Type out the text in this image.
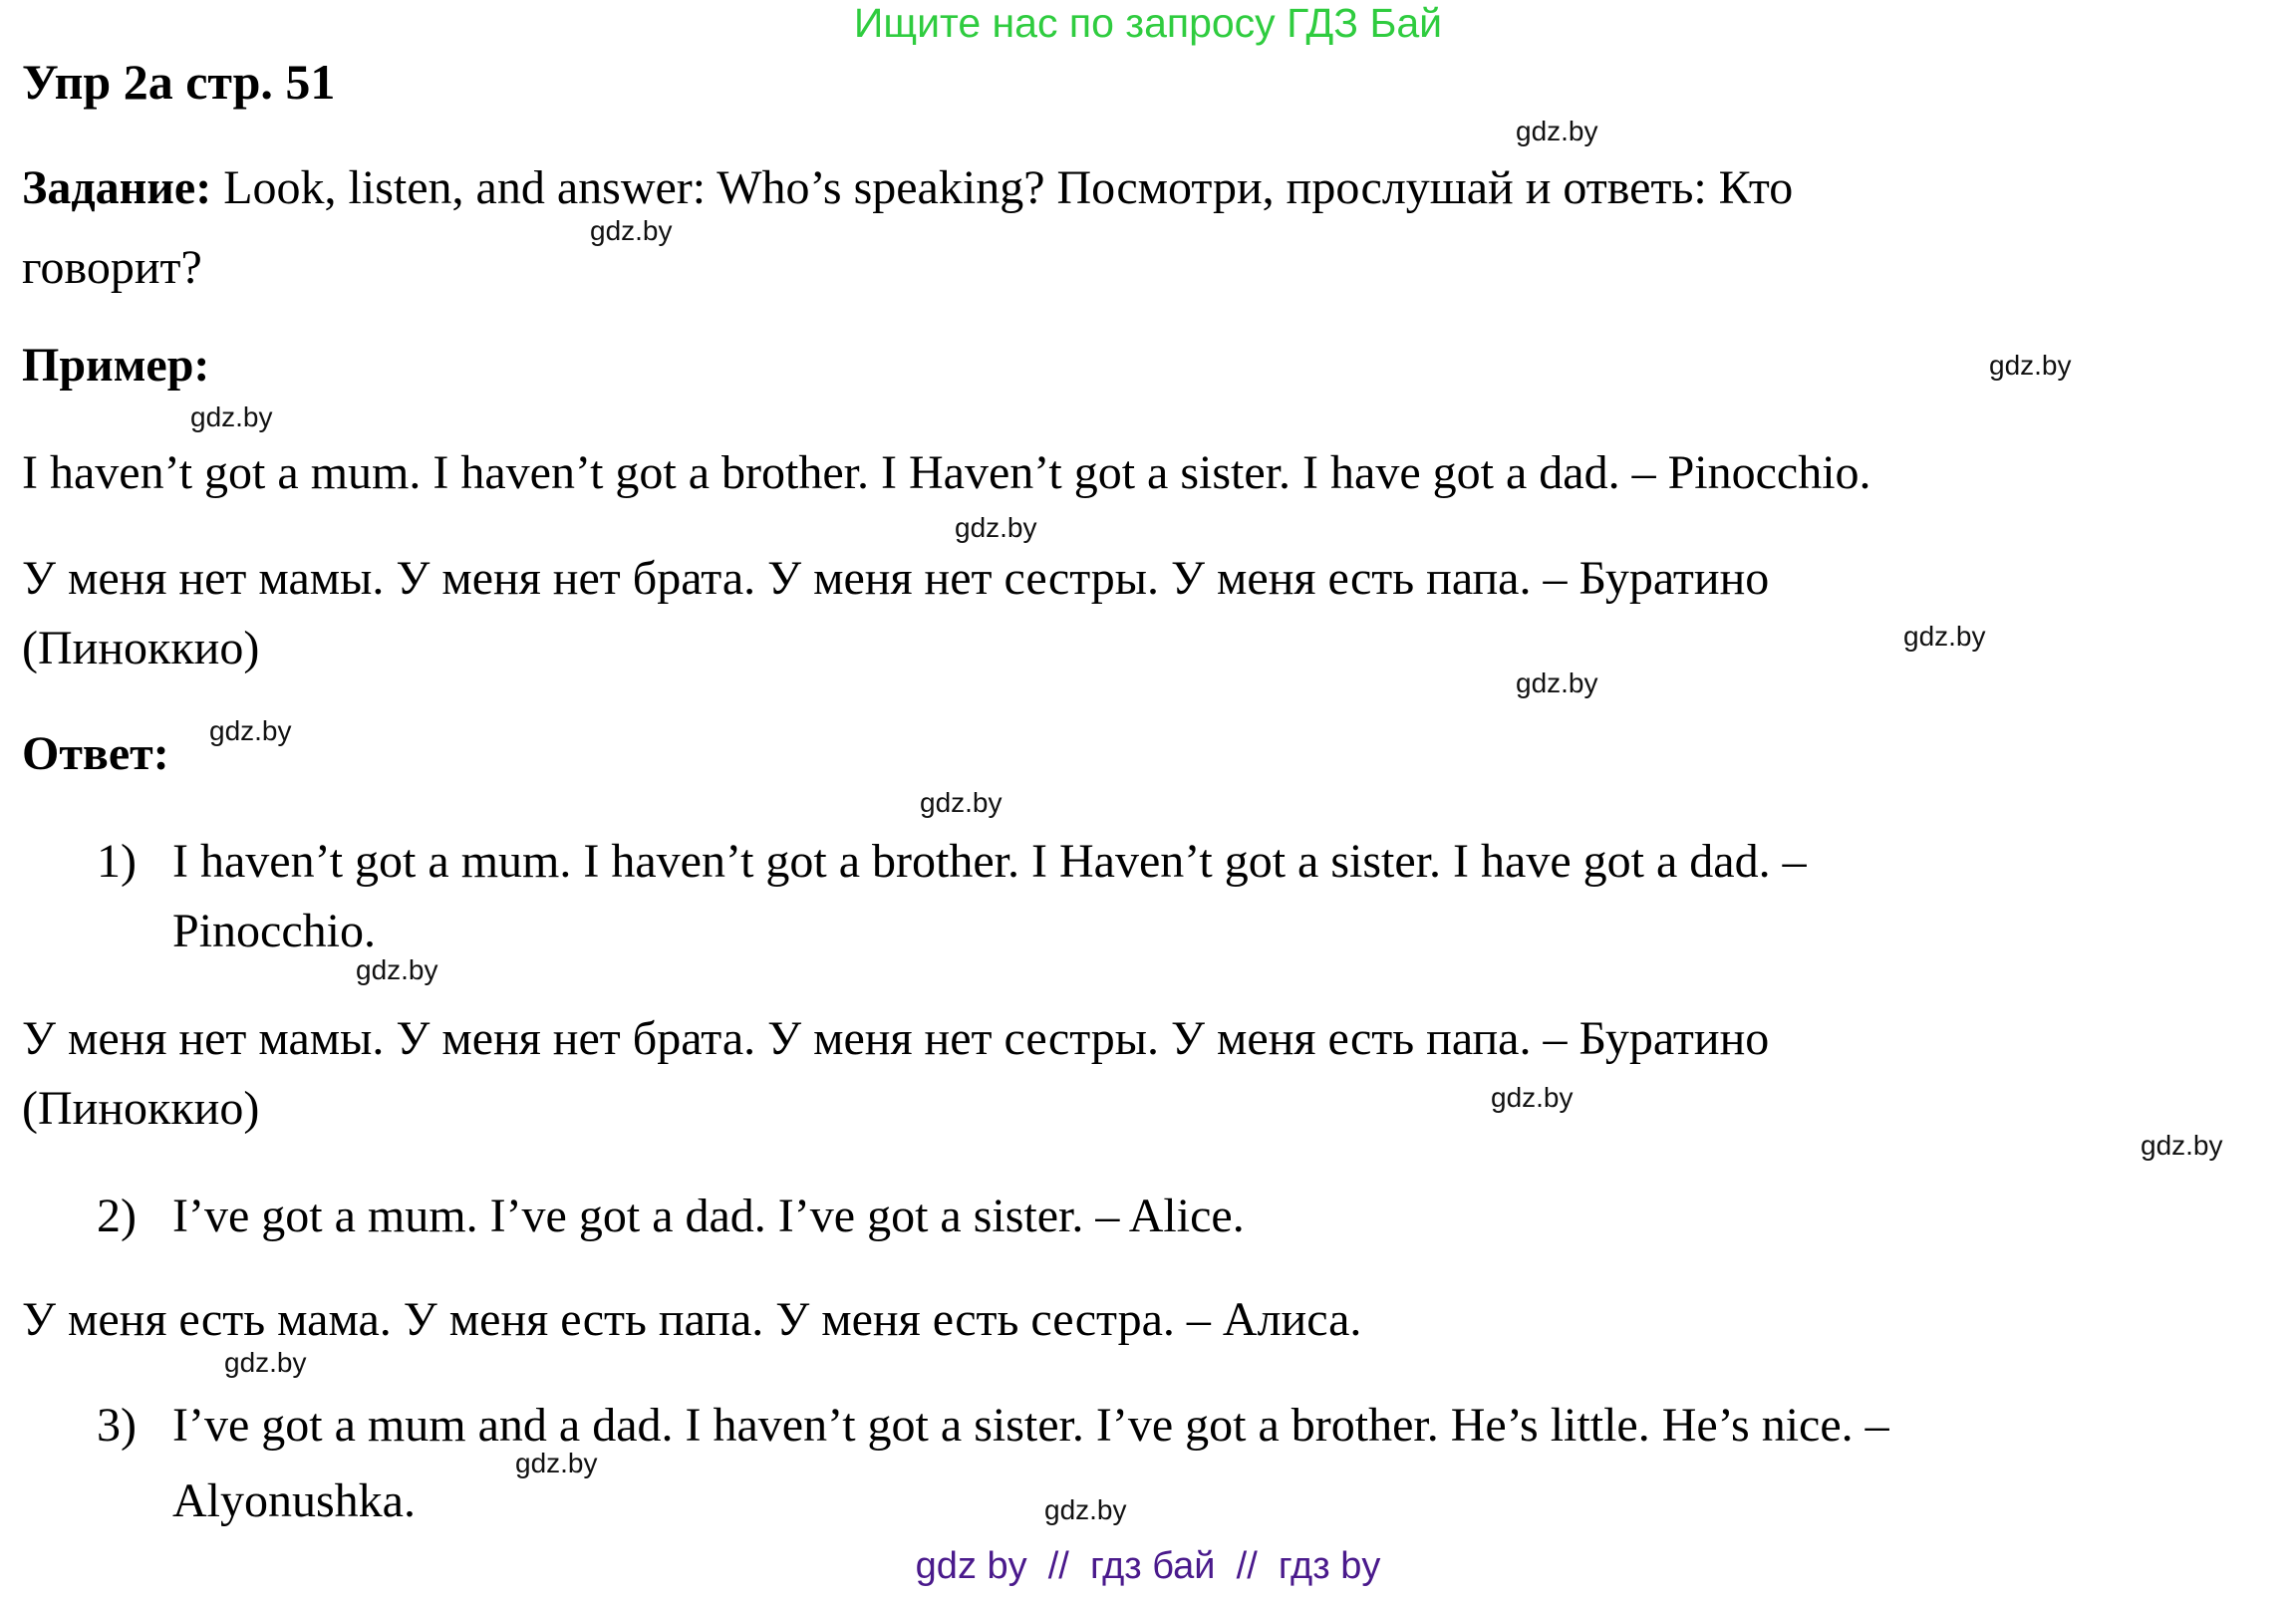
Ищите нас по запросу ГДЗ Бай
Упр 2а стр. 51
gdz.by
Задание: Look, listen, and answer: Who’s speaking? Посмотри, прослушай и ответь: Кто
gdz.by
говорит?
Пример:	gdz.by
gdz.by
I haven’t got a mum. I haven’t got a brother. I Haven’t got a sister. I have got a dad. – Pinocchio.
gdz.by
У меня нет мамы. У меня нет брата. У меня нет сестры. У меня есть папа. – Буратино
(Пиноккио)	gdz.by
gdz.by
Ответ: gdz.by
gdz.by
1) I haven’t got a mum. I haven’t got a brother. I Haven’t got a sister. I have got a dad. –
Pinocchio.
gdz.by
У меня нет мамы. У меня нет брата. У меня нет сестры. У меня есть папа. – Буратино
(Пиноккио)	gdz.by
gdz.by
2) I’ve got a mum. I’ve got a dad. I’ve got a sister. – Alice.
У меня есть мама. У меня есть папа. У меня есть сестра. – Алиса.
gdz.by
3) I’ve got a mum and a dad. I haven’t got a sister. I’ve got a brother. He’s little. He’s nice. –
gdz.by
Alyonushka.	gdz.by
gdz by  //  гдз бай  //  гдз by
